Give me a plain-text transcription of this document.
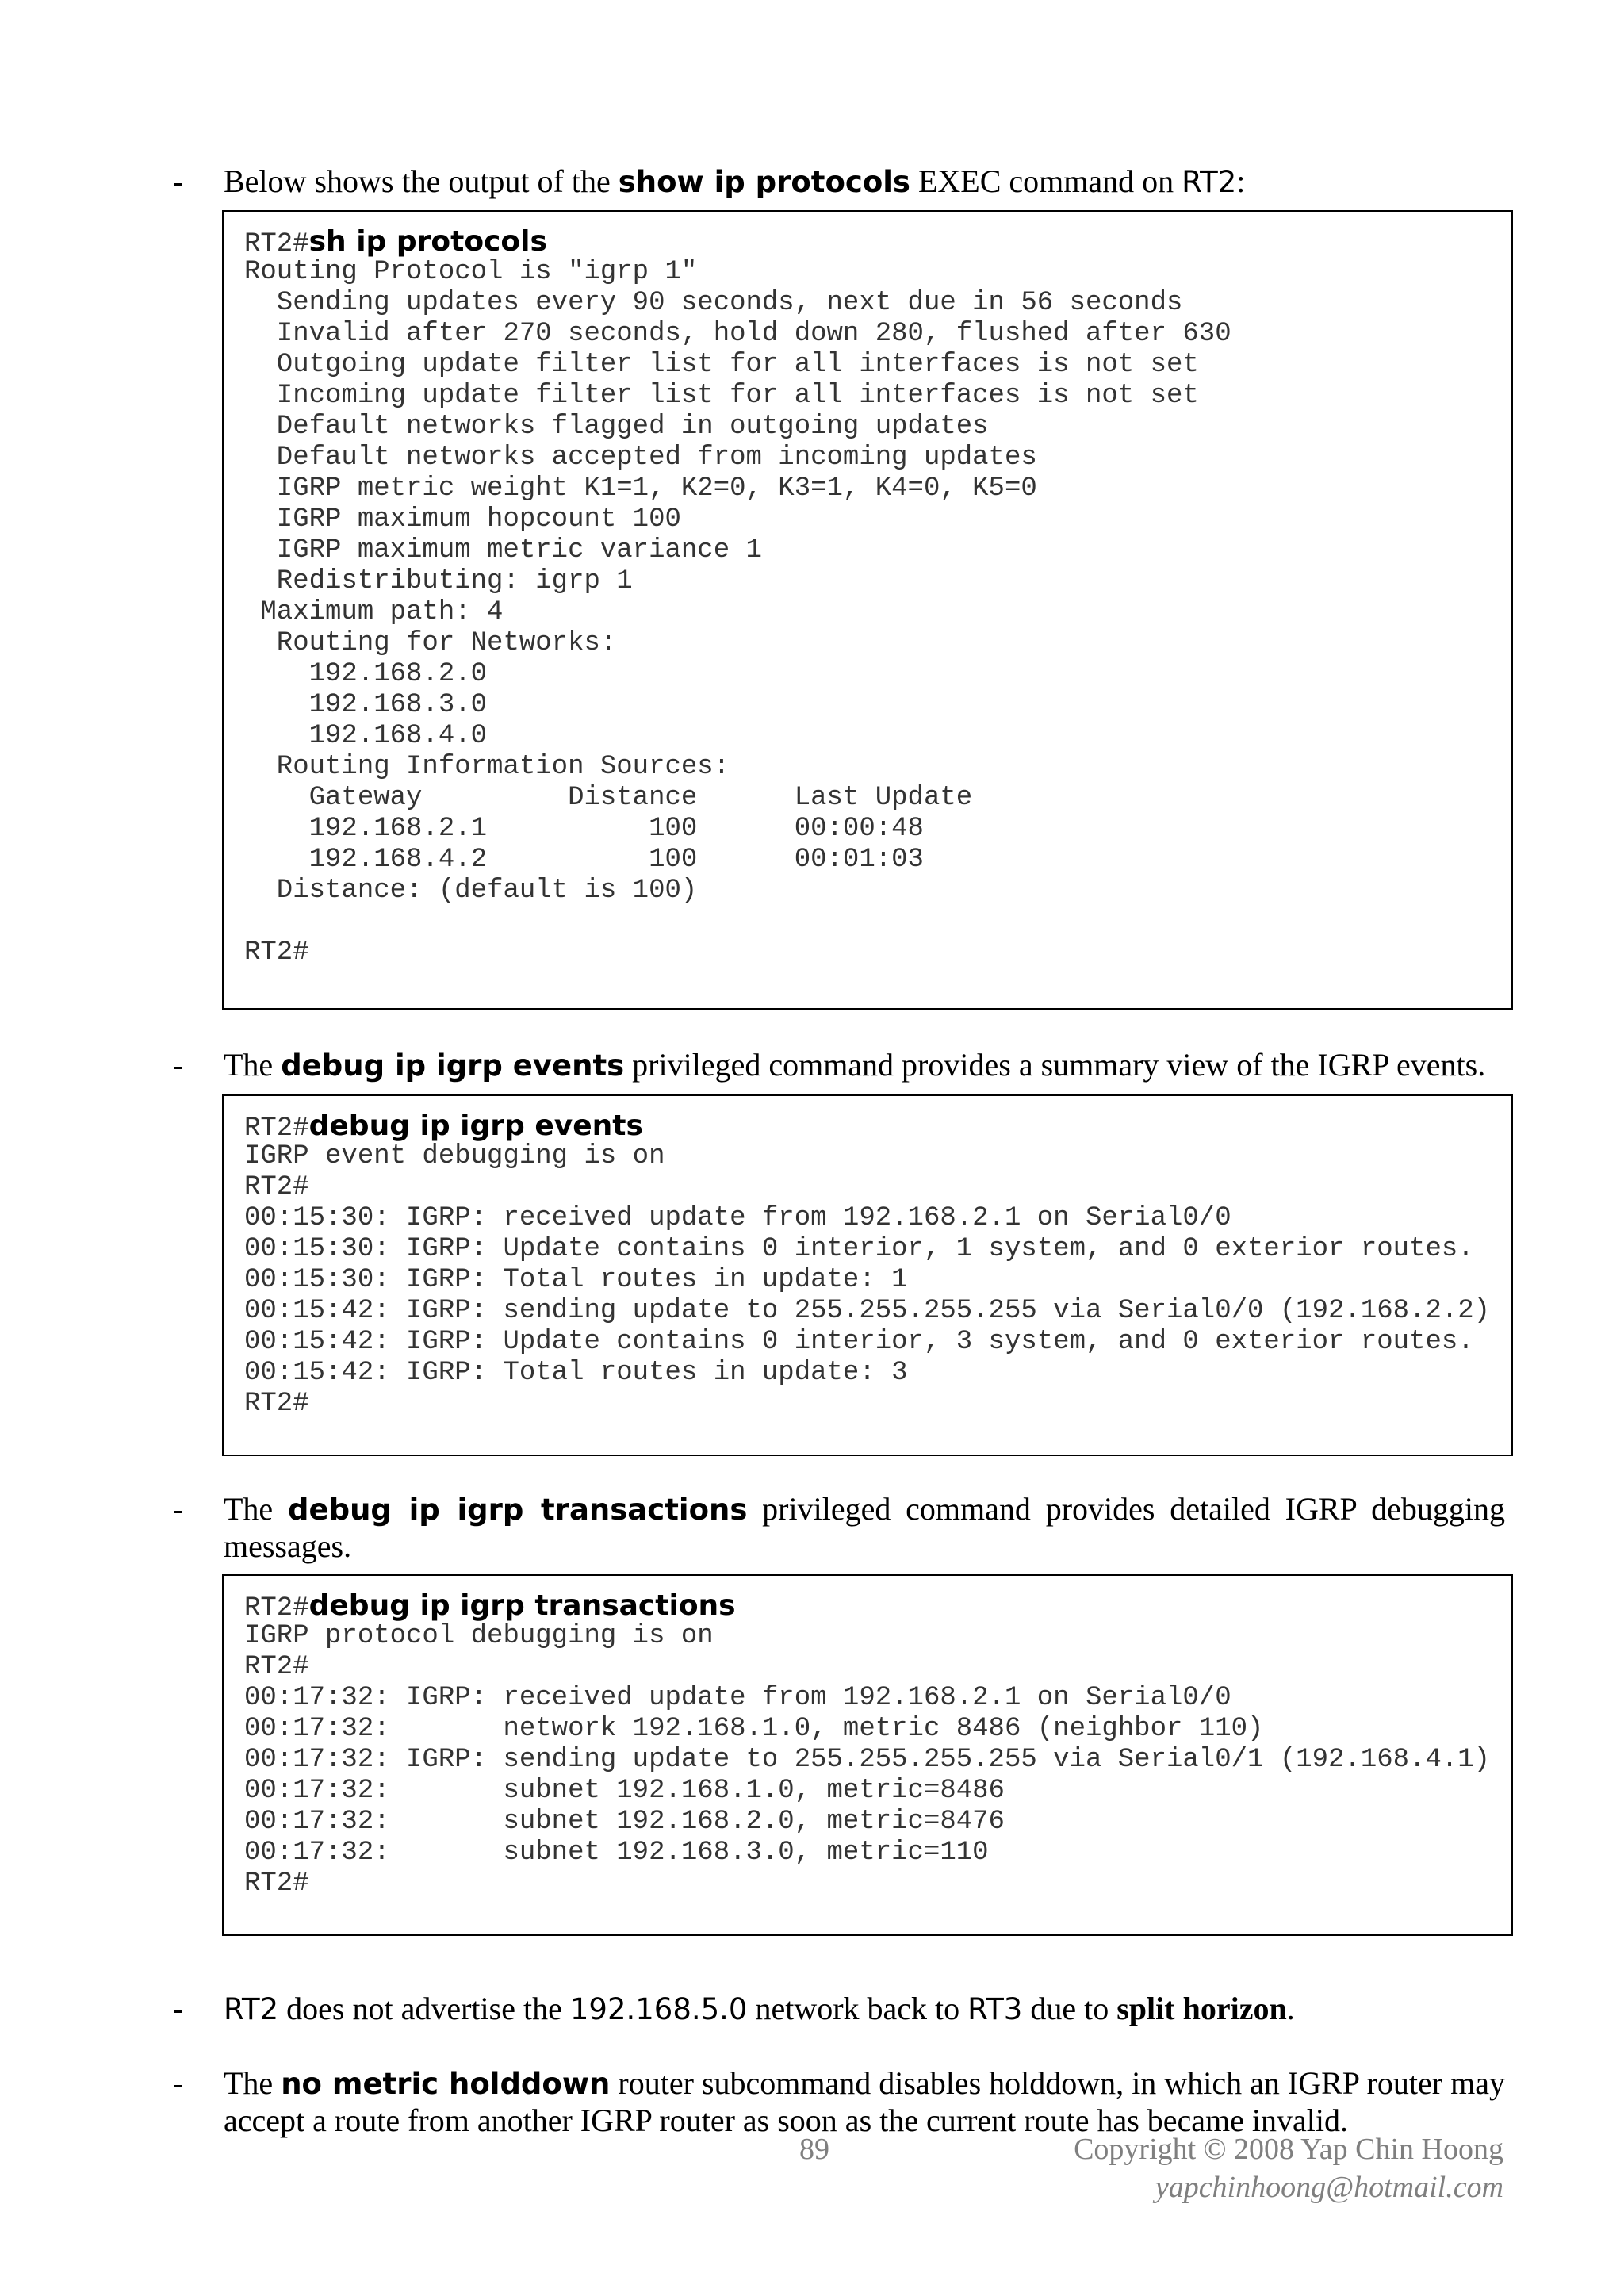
- Below shows the output of the show ip protocols EXEC command on RT2:
RT2#sh ip protocols
Routing Protocol is "igrp 1"
Sending updates every 90 seconds, next due in 56 seconds
Invalid after 270 seconds, hold down 280, flushed after 630
Outgoing update filter list for all interfaces is not set
Incoming update filter list for all interfaces is not set
Default networks flagged in outgoing updates
Default networks accepted from incoming updates
IGRP metric weight K1=1, K2=0, K3=1, K4=0, K5=0
IGRP maximum hopcount 100
IGRP maximum metric variance 1
Redistributing: igrp 1
Maximum path: 4
Routing for Networks:
192.168.2.0
192.168.3.0
192.168.4.0
Routing Information Sources:
Gateway         Distance      Last Update
192.168.2.1          100      00:00:48
192.168.4.2          100      00:01:03
Distance: (default is 100)
RT2#
- The debug ip igrp events privileged command provides a summary view of the IGRP events.
RT2#debug ip igrp events
IGRP event debugging is on
RT2#
00:15:30: IGRP: received update from 192.168.2.1 on Serial0/0
00:15:30: IGRP: Update contains 0 interior, 1 system, and 0 exterior routes.
00:15:30: IGRP: Total routes in update: 1
00:15:42: IGRP: sending update to 255.255.255.255 via Serial0/0 (192.168.2.2)
00:15:42: IGRP: Update contains 0 interior, 3 system, and 0 exterior routes.
00:15:42: IGRP: Total routes in update: 3
RT2#
- The debug ip igrp transactions privileged command provides detailed IGRP debugging messages.
RT2#debug ip igrp transactions
IGRP protocol debugging is on
RT2#
00:17:32: IGRP: received update from 192.168.2.1 on Serial0/0
00:17:32:       network 192.168.1.0, metric 8486 (neighbor 110)
00:17:32: IGRP: sending update to 255.255.255.255 via Serial0/1 (192.168.4.1)
00:17:32:       subnet 192.168.1.0, metric=8486
00:17:32:       subnet 192.168.2.0, metric=8476
00:17:32:       subnet 192.168.3.0, metric=110
RT2#
- RT2 does not advertise the 192.168.5.0 network back to RT3 due to split horizon.
- The no metric holddown router subcommand disables holddown, in which an IGRP router may accept a route from another IGRP router as soon as the current route has became invalid.
89	Copyright © 2008 Yap Chin Hoong
yapchinhoong@hotmail.com
